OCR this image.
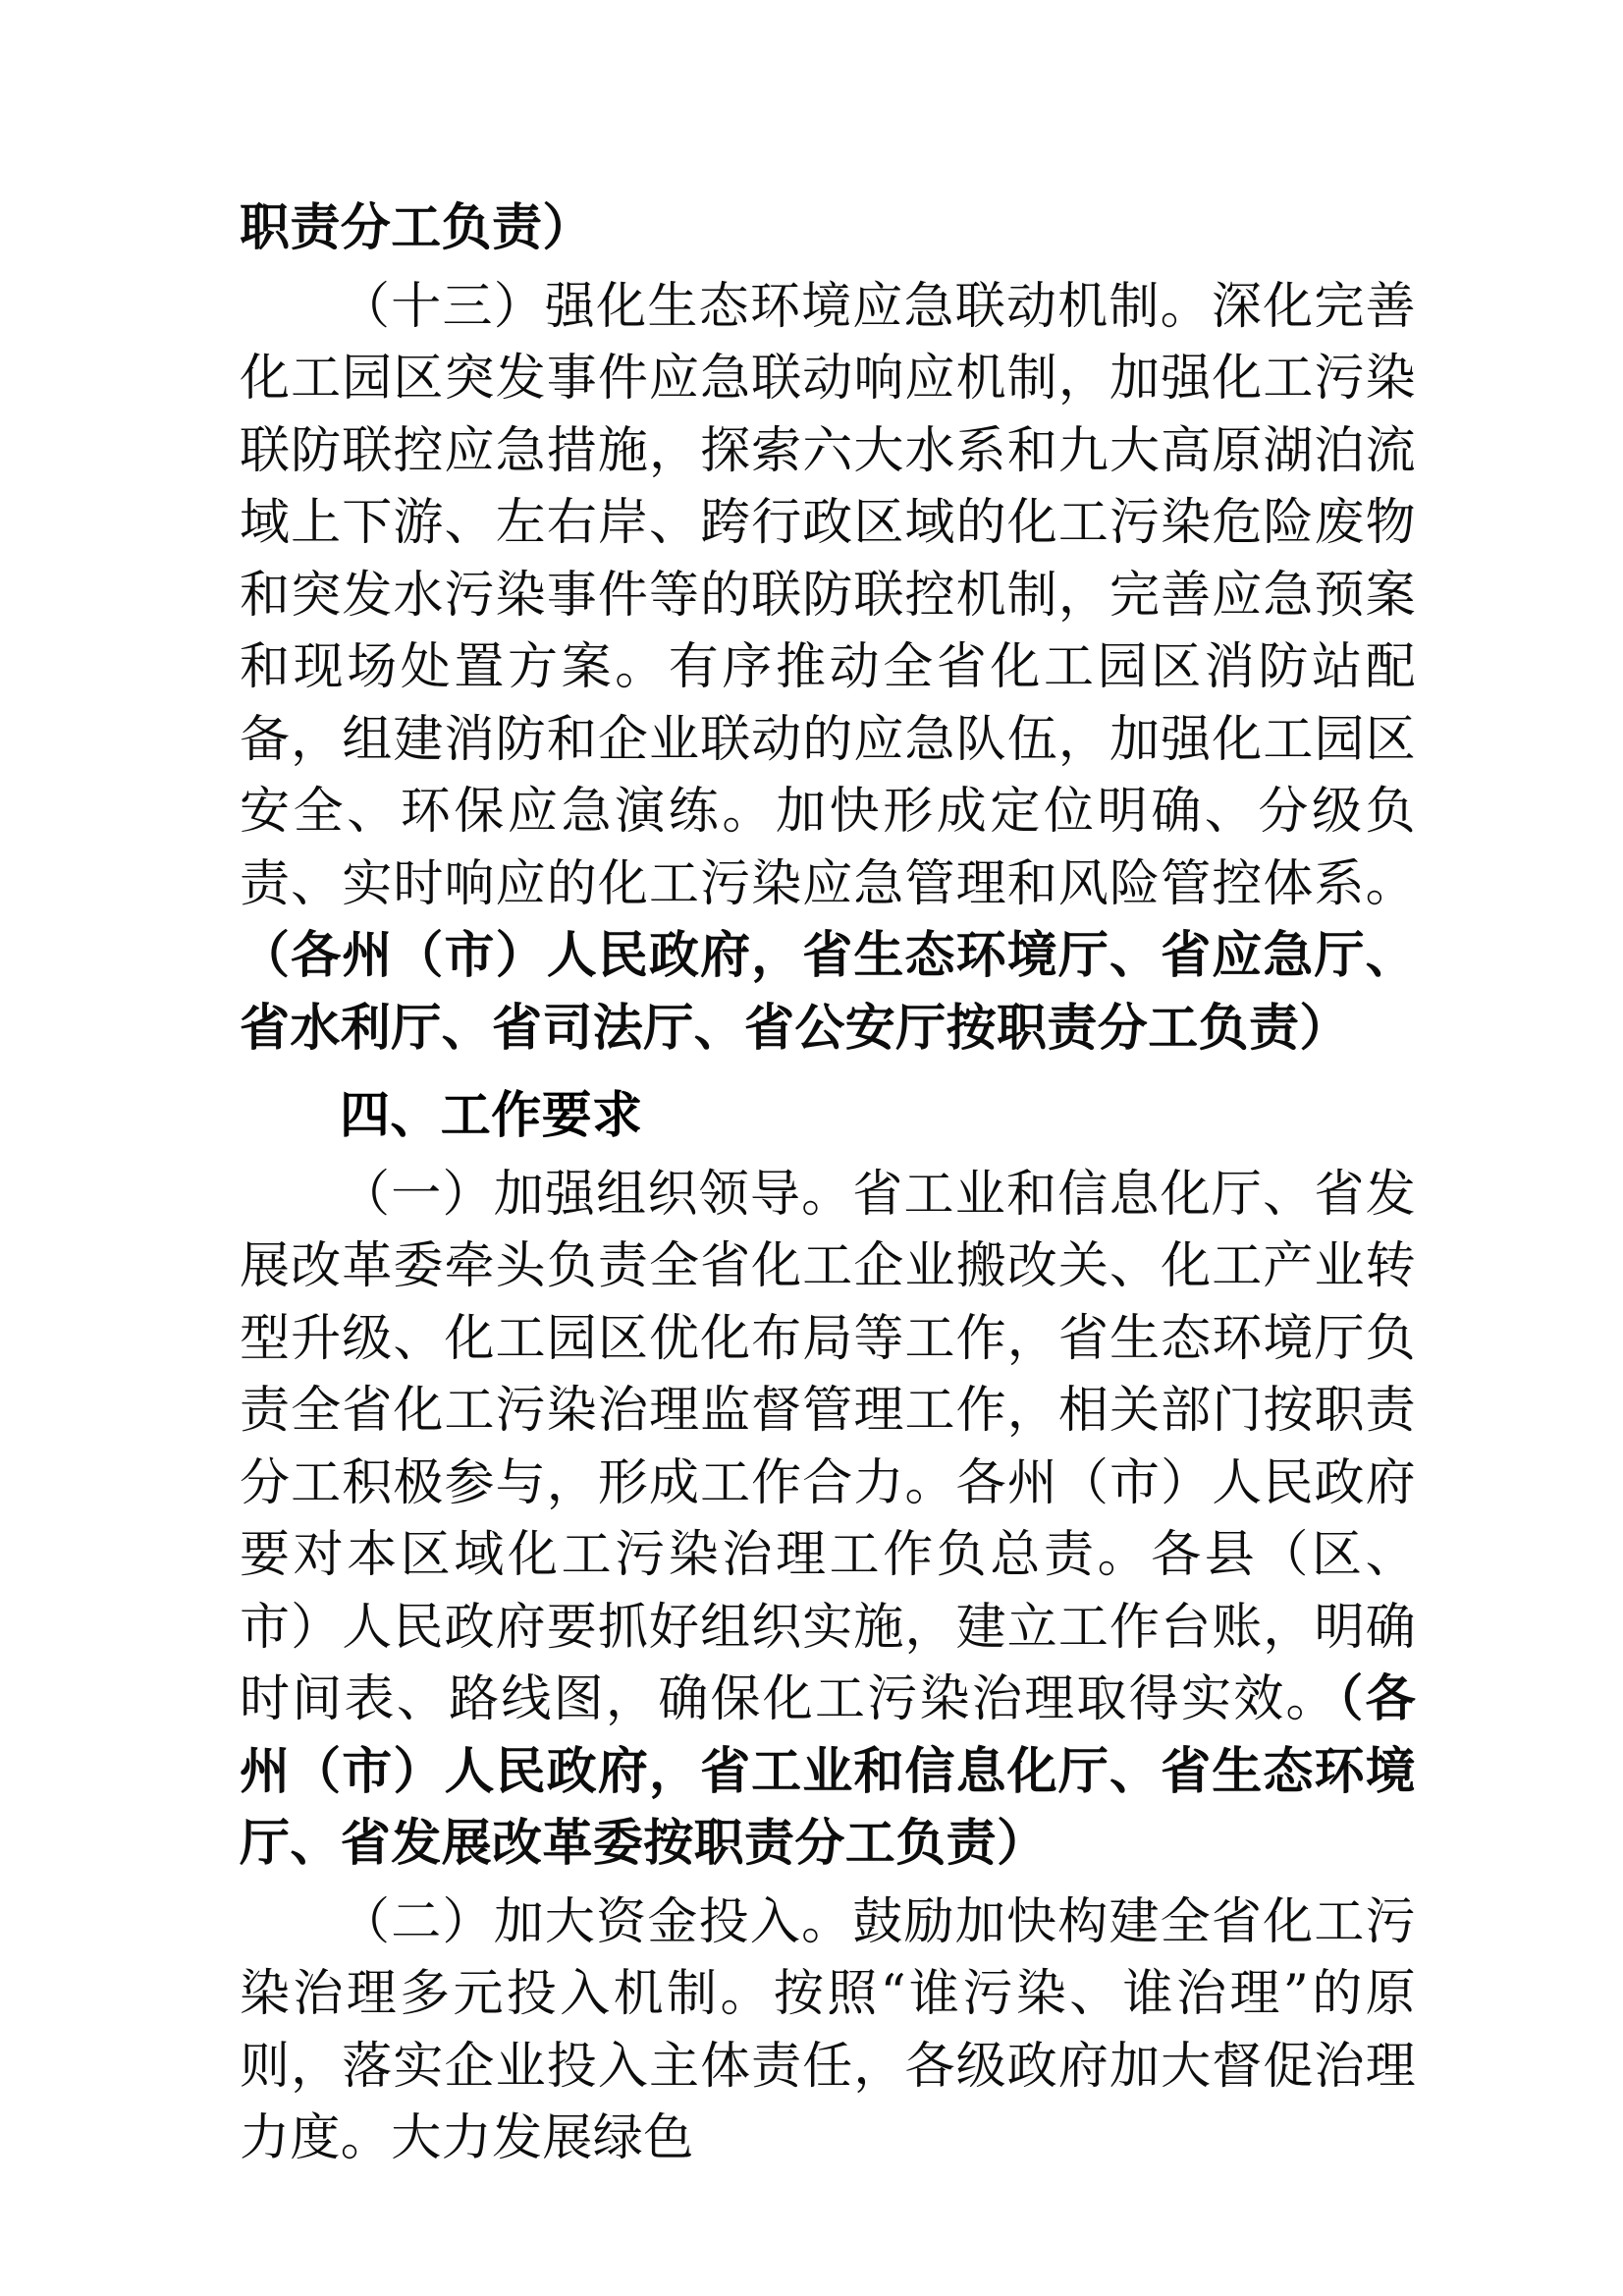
职责分工负责）

（十三）强化生态环境应急联动机制。深化完善化工园区突发事件应急联动响应机制，加强化工污染联防联控应急措施，探索六大水系和九大高原湖泊流域上下游、左右岸、跨行政区域的化工污染危险废物和突发水污染事件等的联防联控机制，完善应急预案和现场处置方案。有序推动全省化工园区消防站配备，组建消防和企业联动的应急队伍，加强化工园区安全、环保应急演练。加快形成定位明确、分级负责、实时响应的化工污染应急管理和风险管控体系。（各州（市）人民政府，省生态环境厅、省应急厅、省水利厅、省司法厅、省公安厅按职责分工负责）

四、工作要求

（一）加强组织领导。省工业和信息化厅、省发展改革委牵头负责全省化工企业搬改关、化工产业转型升级、化工园区优化布局等工作，省生态环境厅负责全省化工污染治理监督管理工作，相关部门按职责分工积极参与，形成工作合力。各州（市）人民政府要对本区域化工污染治理工作负总责。各县（区、市）人民政府要抓好组织实施，建立工作台账，明确时间表、路线图，确保化工污染治理取得实效。（各州（市）人民政府，省工业和信息化厅、省生态环境厅、省发展改革委按职责分工负责）

（二）加大资金投入。鼓励加快构建全省化工污染治理多元投入机制。按照“谁污染、谁治理”的原则，落实企业投入主体责任，各级政府加大督促治理力度。大力发展绿色
